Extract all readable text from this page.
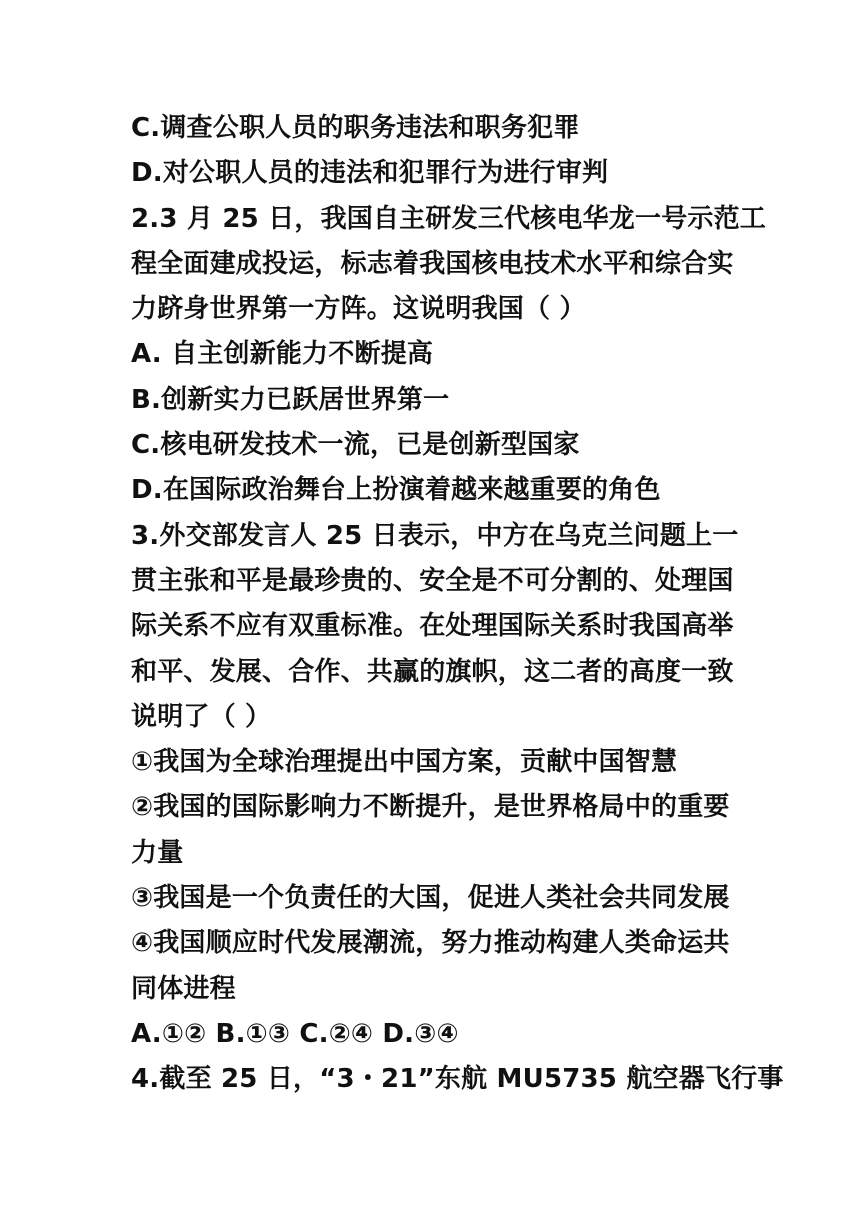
C.调查公职人员的职务违法和职务犯罪
D.对公职人员的违法和犯罪行为进行审判
2.3 月 25 日，我国自主研发三代核电华龙一号示范工
程全面建成投运，标志着我国核电技术水平和综合实
力跻身世界第一方阵。这说明我国（ ）
A. 自主创新能力不断提高
B.创新实力已跃居世界第一
C.核电研发技术一流，已是创新型国家
D.在国际政治舞台上扮演着越来越重要的角色
3.外交部发言人 25 日表示，中方在乌克兰问题上一
贯主张和平是最珍贵的、安全是不可分割的、处理国
际关系不应有双重标准。在处理国际关系时我国高举
和平、发展、合作、共赢的旗帜，这二者的高度一致
说明了（ ）
①我国为全球治理提出中国方案，贡献中国智慧
②我国的国际影响力不断提升，是世界格局中的重要
力量
③我国是一个负责任的大国，促进人类社会共同发展
④我国顺应时代发展潮流，努力推动构建人类命运共
同体进程
A.①② B.①③ C.②④ D.③④
4.截至 25 日，“3・21”东航 MU5735 航空器飞行事
